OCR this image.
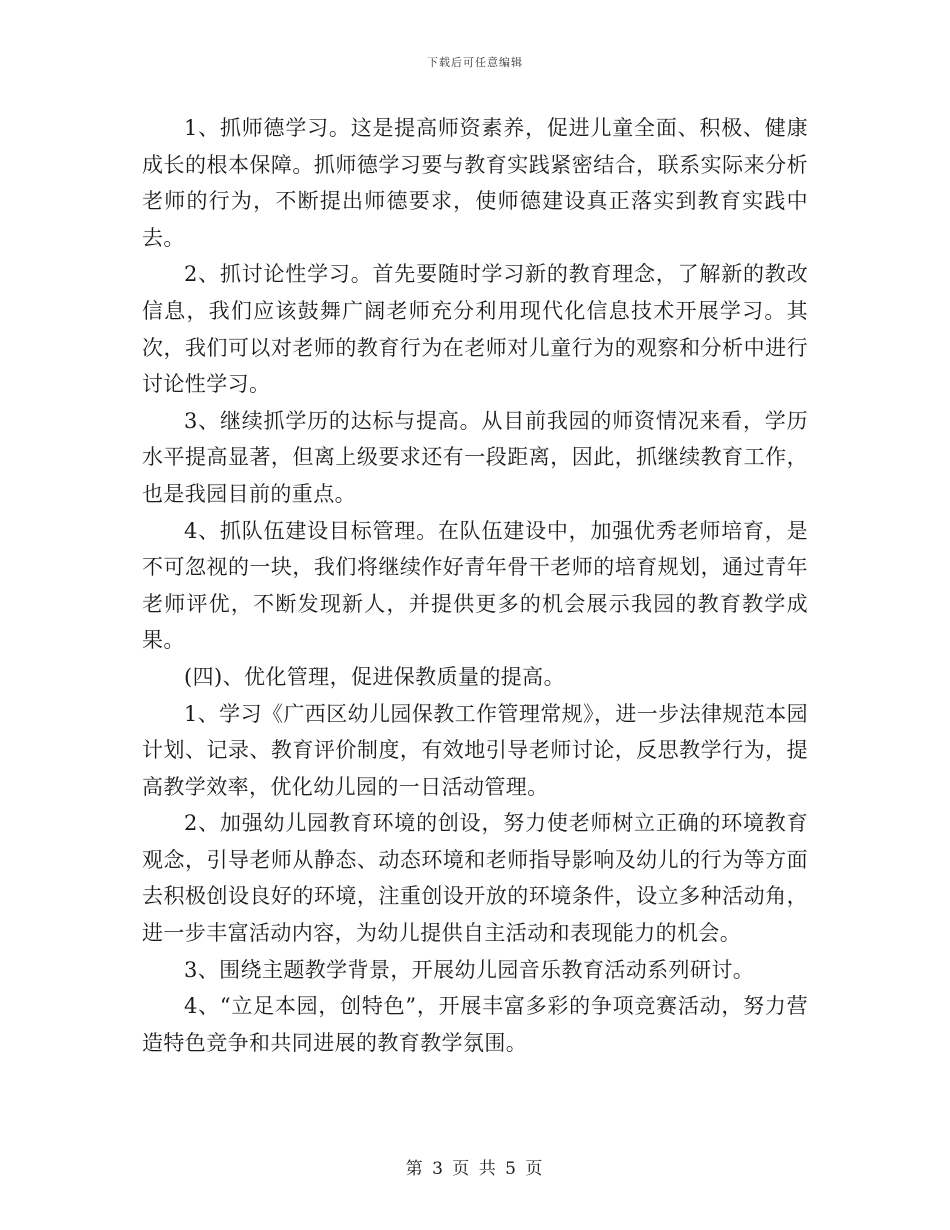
下载后可任意编辑

1、抓师德学习。这是提高师资素养，促进儿童全面、积极、健康成长的根本保障。抓师德学习要与教育实践紧密结合，联系实际来分析老师的行为，不断提出师德要求，使师德建设真正落实到教育实践中去。

2、抓讨论性学习。首先要随时学习新的教育理念，了解新的教改信息，我们应该鼓舞广阔老师充分利用现代化信息技术开展学习。其次，我们可以对老师的教育行为在老师对儿童行为的观察和分析中进行讨论性学习。

3、继续抓学历的达标与提高。从目前我园的师资情况来看，学历水平提高显著，但离上级要求还有一段距离，因此，抓继续教育工作，也是我园目前的重点。

4、抓队伍建设目标管理。在队伍建设中，加强优秀老师培育，是不可忽视的一块，我们将继续作好青年骨干老师的培育规划，通过青年老师评优，不断发现新人，并提供更多的机会展示我园的教育教学成果。

(四)、优化管理，促进保教质量的提高。

1、学习《广西区幼儿园保教工作管理常规》，进一步法律规范本园计划、记录、教育评价制度，有效地引导老师讨论，反思教学行为，提高教学效率，优化幼儿园的一日活动管理。

2、加强幼儿园教育环境的创设，努力使老师树立正确的环境教育观念，引导老师从静态、动态环境和老师指导影响及幼儿的行为等方面去积极创设良好的环境，注重创设开放的环境条件，设立多种活动角，进一步丰富活动内容，为幼儿提供自主活动和表现能力的机会。

3、围绕主题教学背景，开展幼儿园音乐教育活动系列研讨。

4、“立足本园，创特色”，开展丰富多彩的争项竞赛活动，努力营造特色竞争和共同进展的教育教学氛围。

第 3 页 共 5 页
